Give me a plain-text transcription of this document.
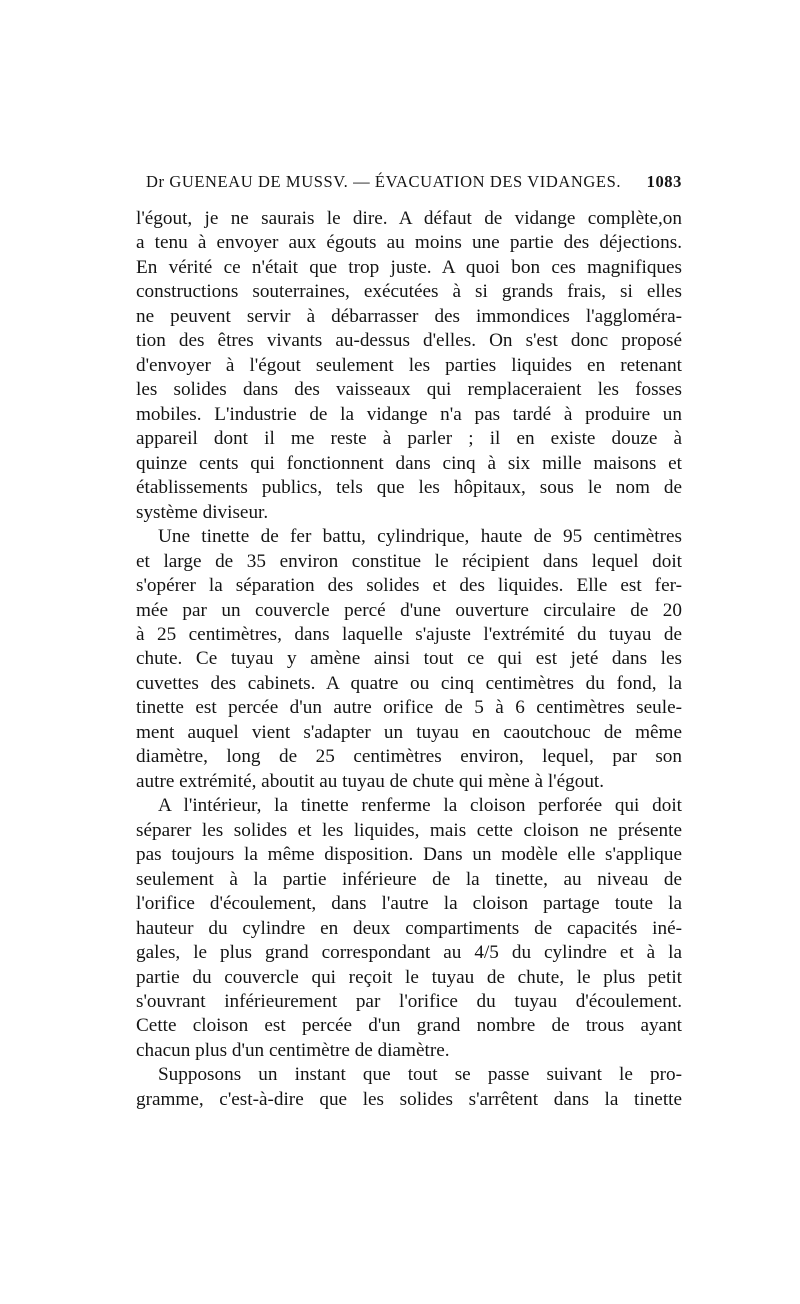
Dr GUENEAU DE MUSSV. — ÉVACUATION DES VIDANGES. 1083
l'égout, je ne saurais le dire. A défaut de vidange complète,on
a tenu à envoyer aux égouts au moins une partie des déjections.
En vérité ce n'était que trop juste. A quoi bon ces magnifiques
constructions souterraines, exécutées à si grands frais, si elles
ne peuvent servir à débarrasser des immondices l'aggloméra-
tion des êtres vivants au-dessus d'elles. On s'est donc proposé
d'envoyer à l'égout seulement les parties liquides en retenant
les solides dans des vaisseaux qui remplaceraient les fosses
mobiles. L'industrie de la vidange n'a pas tardé à produire un
appareil dont il me reste à parler ; il en existe douze à
quinze cents qui fonctionnent dans cinq à six mille maisons et
établissements publics, tels que les hôpitaux, sous le nom de
système diviseur.
Une tinette de fer battu, cylindrique, haute de 95 centimètres
et large de 35 environ constitue le récipient dans lequel doit
s'opérer la séparation des solides et des liquides. Elle est fer-
mée par un couvercle percé d'une ouverture circulaire de 20
à 25 centimètres, dans laquelle s'ajuste l'extrémité du tuyau de
chute. Ce tuyau y amène ainsi tout ce qui est jeté dans les
cuvettes des cabinets. A quatre ou cinq centimètres du fond, la
tinette est percée d'un autre orifice de 5 à 6 centimètres seule-
ment auquel vient s'adapter un tuyau en caoutchouc de même
diamètre, long de 25 centimètres environ, lequel, par son
autre extrémité, aboutit au tuyau de chute qui mène à l'égout.
A l'intérieur, la tinette renferme la cloison perforée qui doit
séparer les solides et les liquides, mais cette cloison ne présente
pas toujours la même disposition. Dans un modèle elle s'applique
seulement à la partie inférieure de la tinette, au niveau de
l'orifice d'écoulement, dans l'autre la cloison partage toute la
hauteur du cylindre en deux compartiments de capacités iné-
gales, le plus grand correspondant au 4/5 du cylindre et à la
partie du couvercle qui reçoit le tuyau de chute, le plus petit
s'ouvrant inférieurement par l'orifice du tuyau d'écoulement.
Cette cloison est percée d'un grand nombre de trous ayant
chacun plus d'un centimètre de diamètre.
Supposons un instant que tout se passe suivant le pro-
gramme, c'est-à-dire que les solides s'arrêtent dans la tinette
